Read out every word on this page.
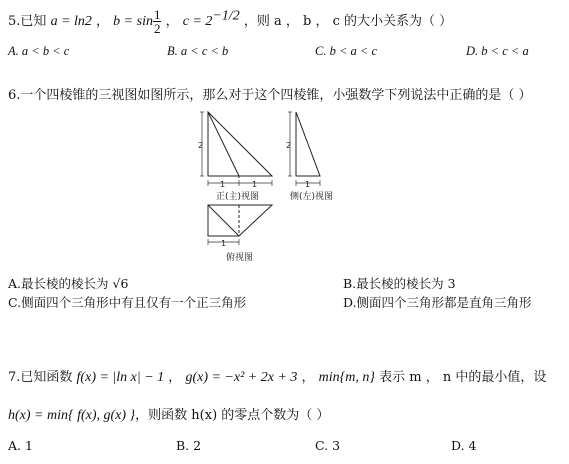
5.已知 a = ln2 ， $b = \sin \frac{1}{2}$ ， $c = 2^{-1/2}$ ，则 a ， b ， c 的大小关系为（ ）
A. a < b < c	B. a < c < b	C. b < a < c	D. b < c < a
6.一个四棱锥的三视图如图所示，那么对于这个四棱锥，小强数学下列说法中正确的是（ ）
2
1	1
2
1
1
正(主)视图	侧(左)视图
俯视图
A.最长棱的棱长为 √6	B.最长棱的棱长为 3
C.侧面四个三角形中有且仅有一个正三角形	D.侧面四个三角形都是直角三角形
7.已知函数 f(x) = |ln x| − 1 ， g(x) = −x² + 2x + 3 ， min{m, n} 表示 m ， n 中的最小值，设
h(x) = min{ f(x), g(x) }，则函数 h(x) 的零点个数为（ ）
A. 1	B. 2	C. 3	D. 4
